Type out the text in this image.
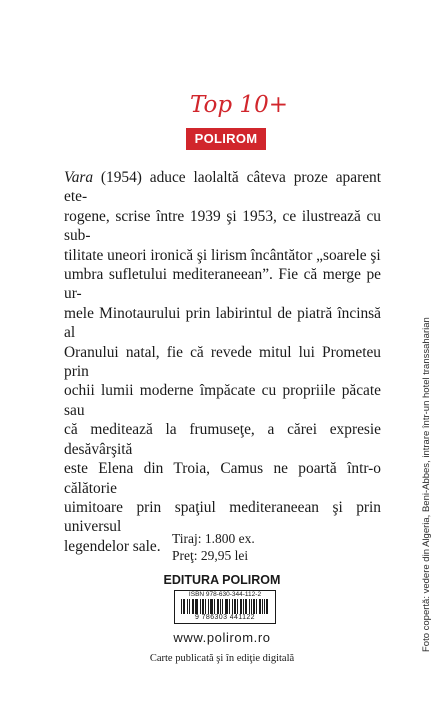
Top 10+
POLIROM

Vara (1954) aduce laolaltă câteva proze aparent ete-
rogene, scrise între 1939 şi 1953, ce ilustrează cu sub-
tilitate uneori ironică şi lirism încântător „soarele şi
umbra sufletului mediteraneean”. Fie că merge pe ur-
mele Minotaurului prin labirintul de piatră încinsă al
Oranului natal, fie că revede mitul lui Prometeu prin
ochii lumii moderne împăcate cu propriile păcate sau
că meditează la frumuseţe, a cărei expresie desăvârşită
este Elena din Troia, Camus ne poartă într-o călătorie
uimitoare prin spaţiul mediteraneean şi prin universul
legendelor sale. Tiraj: 1.800 ex.
Preţ: 29,95 lei
EDITURA POLIROM
ISBN 978-630-344-112-2
9 786303 441122
www.polirom.ro
Carte publicată şi în ediţie digitală
Foto copertă: vedere din Algeria, Beni-Abbes, intrare într-un hotel transsaharian
